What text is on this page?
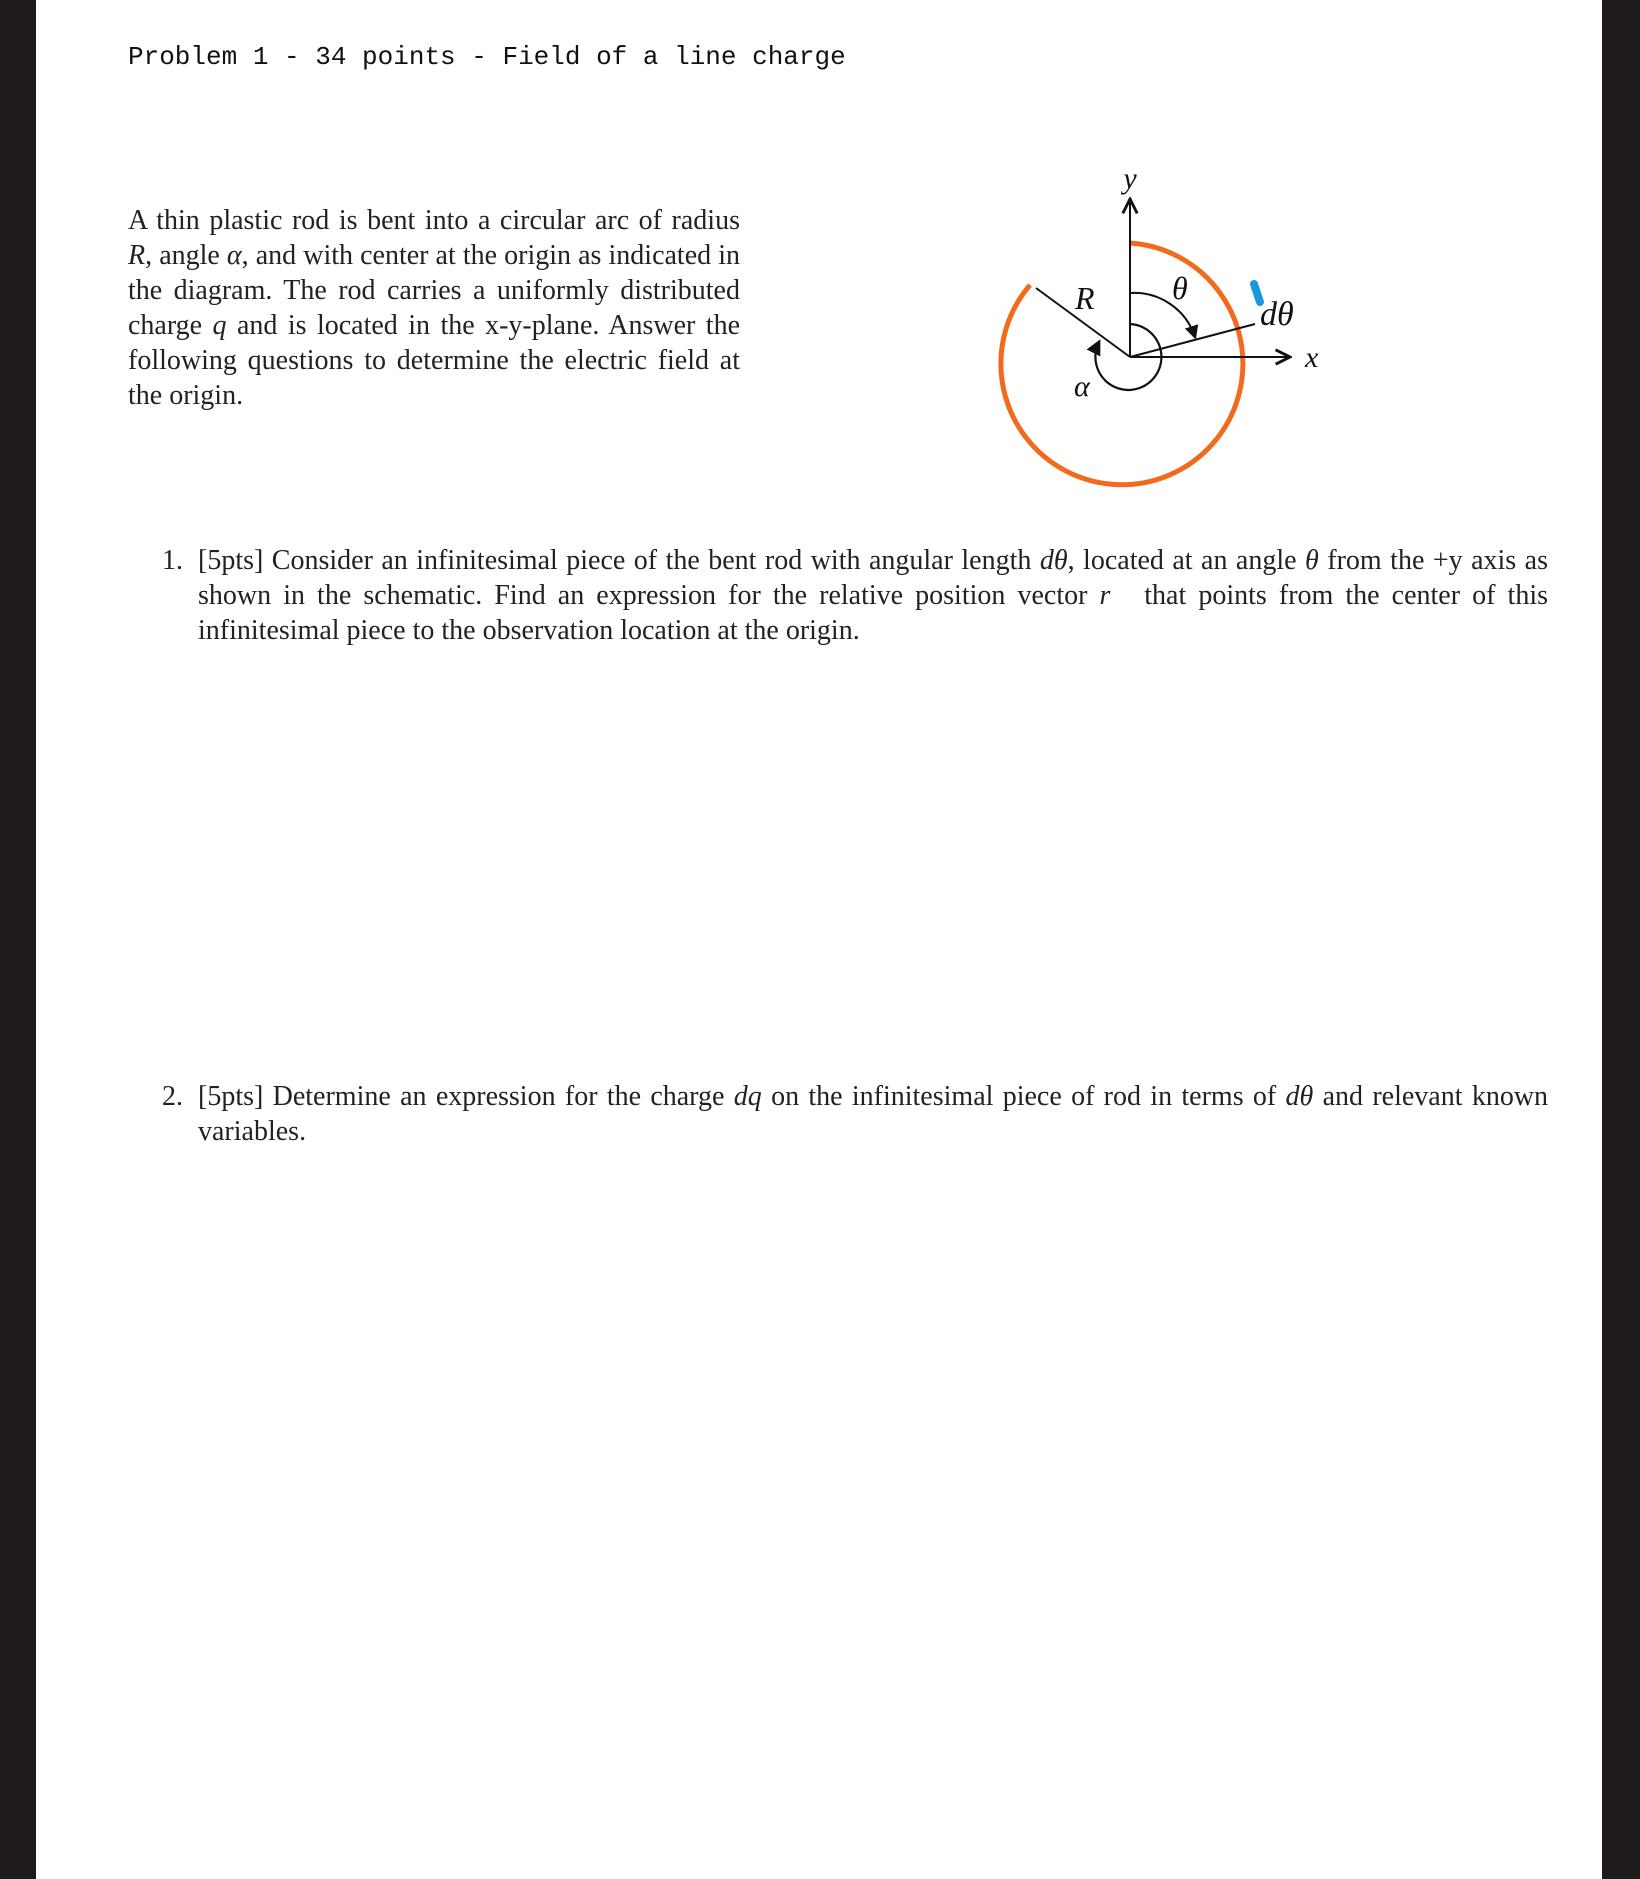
Problem 1 - 34 points - Field of a line charge

A thin plastic rod is bent into a circular arc of radius R, angle α, and with center at the origin as indicated in the diagram. The rod carries a uniformly distributed charge q and is located in the x-y-plane. Answer the following questions to determine the electric field at the origin.

y
x
R θ
dθ
α

1. [5pts] Consider an infinitesimal piece of the bent rod with angular length dθ, located at an angle θ from the +y axis as shown in the schematic. Find an expression for the relative position vector r⃗ that points from the center of this infinitesimal piece to the observation location at the origin.

2. [5pts] Determine an expression for the charge dq on the infinitesimal piece of rod in terms of dθ and relevant known variables.
